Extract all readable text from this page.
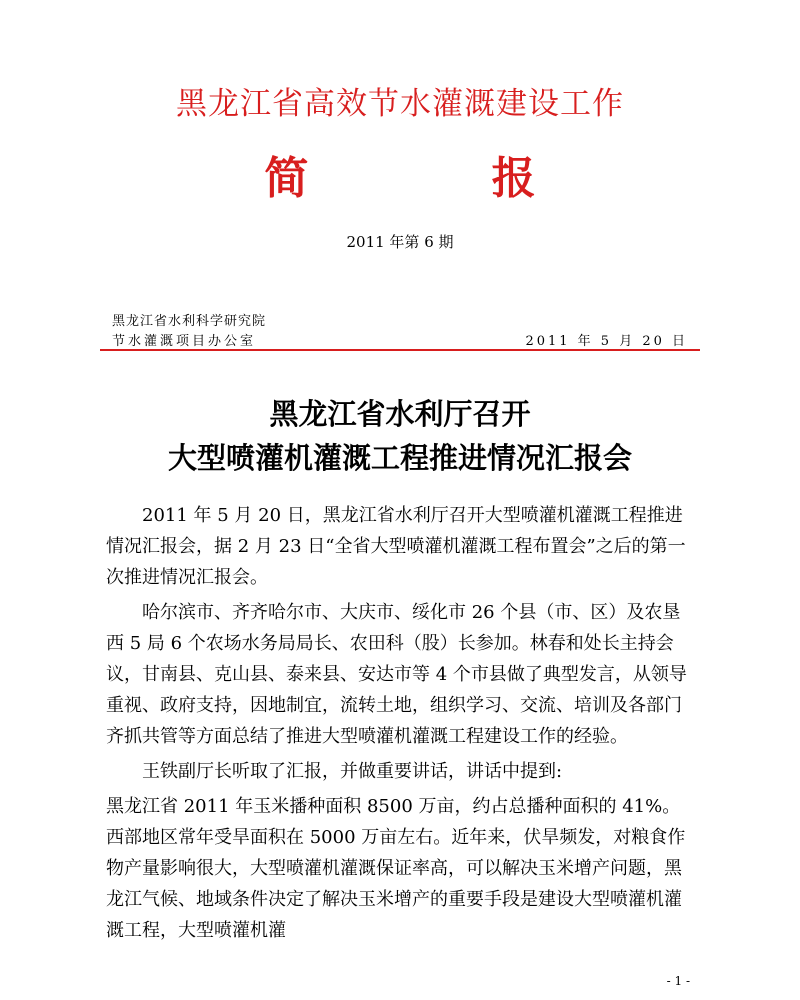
黑龙江省高效节水灌溉建设工作
简 报
2011 年第 6 期
黑龙江省水利科学研究院
节水灌溉项目办公室	2011 年 5 月 20 日
黑龙江省水利厅召开
大型喷灌机灌溉工程推进情况汇报会

2011 年 5 月 20 日，黑龙江省水利厅召开大型喷灌机灌溉工程推进情况汇报会，据 2 月 23 日“全省大型喷灌机灌溉工程布置会”之后的第一次推进情况汇报会。

哈尔滨市、齐齐哈尔市、大庆市、绥化市 26 个县（市、区）及农垦西 5 局 6 个农场水务局局长、农田科（股）长参加。林春和处长主持会议，甘南县、克山县、泰来县、安达市等 4 个市县做了典型发言，从领导重视、政府支持，因地制宜，流转土地，组织学习、交流、培训及各部门齐抓共管等方面总结了推进大型喷灌机灌溉工程建设工作的经验。

王铁副厅长听取了汇报，并做重要讲话，讲话中提到:

黑龙江省 2011 年玉米播种面积 8500 万亩，约占总播种面积的 41%。西部地区常年受旱面积在 5000 万亩左右。近年来，伏旱频发，对粮食作物产量影响很大，大型喷灌机灌溉保证率高，可以解决玉米增产问题，黑龙江气候、地域条件决定了解决玉米增产的重要手段是建设大型喷灌机灌溉工程，大型喷灌机灌

- 1 -
